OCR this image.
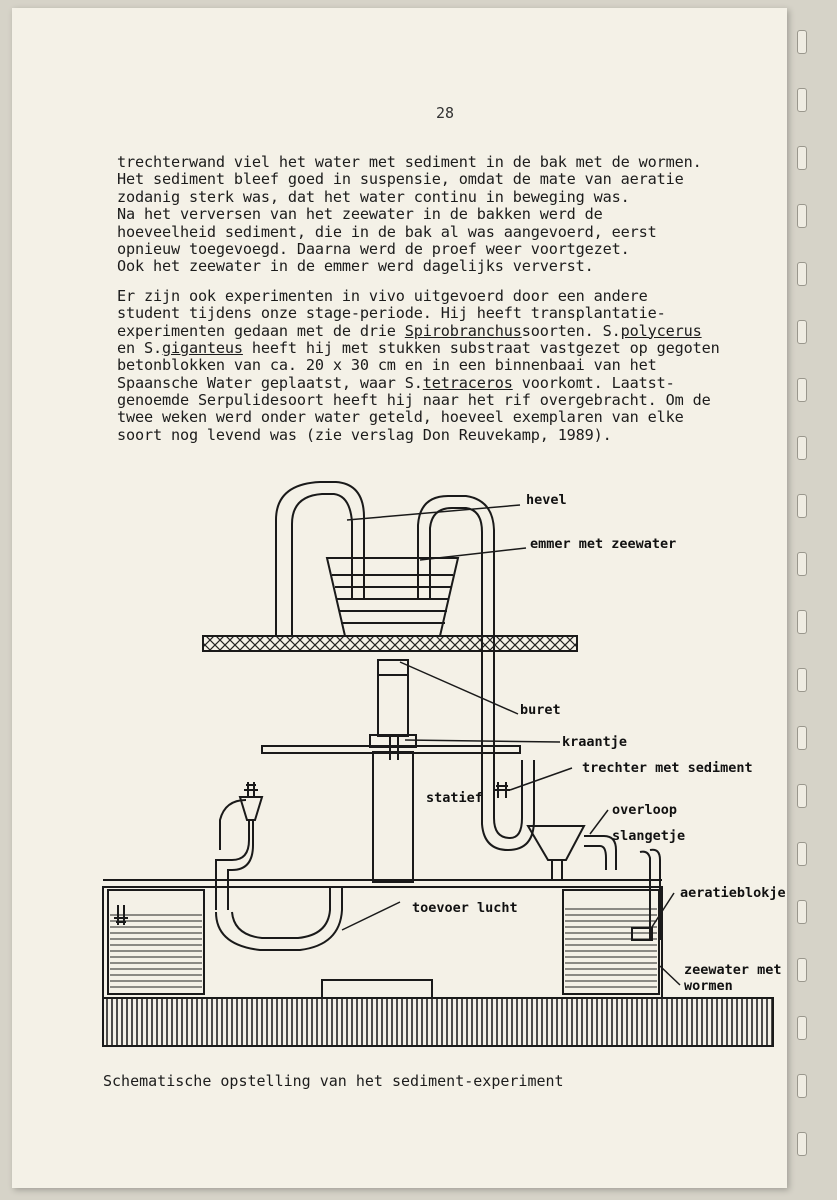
28
trechterwand viel het water met sediment in de bak met de wormen.
Het sediment bleef goed in suspensie, omdat de mate van aeratie
zodanig sterk was, dat het water continu in beweging was.
Na het verversen van het zeewater in de bakken werd de
hoeveelheid sediment, die in de bak al was aangevoerd, eerst
opnieuw toegevoegd. Daarna werd de proef weer voortgezet.
Ook het zeewater in de emmer werd dagelijks ververst.
Er zijn ook experimenten in vivo uitgevoerd door een andere
student tijdens onze stage-periode. Hij heeft transplantatie-
experimenten gedaan met de drie Spirobranchussoorten. S.polycerus
en S.giganteus heeft hij met stukken substraat vastgezet op gegoten
betonblokken van ca. 20 x 30 cm en in een binnenbaai van het
Spaansche Water geplaatst, waar S.tetraceros voorkomt. Laatst-
genoemde Serpulidesoort heeft hij naar het rif overgebracht. Om de
twee weken werd onder water geteld, hoeveel exemplaren van elke
soort nog levend was (zie verslag Don Reuvekamp, 1989).
hevel
emmer met zeewater
buret
kraantje
trechter met sediment
statief
overloop
slangetje
aeratieblokje
toevoer lucht
zeewater met
wormen
Schematische opstelling van het sediment-experiment
